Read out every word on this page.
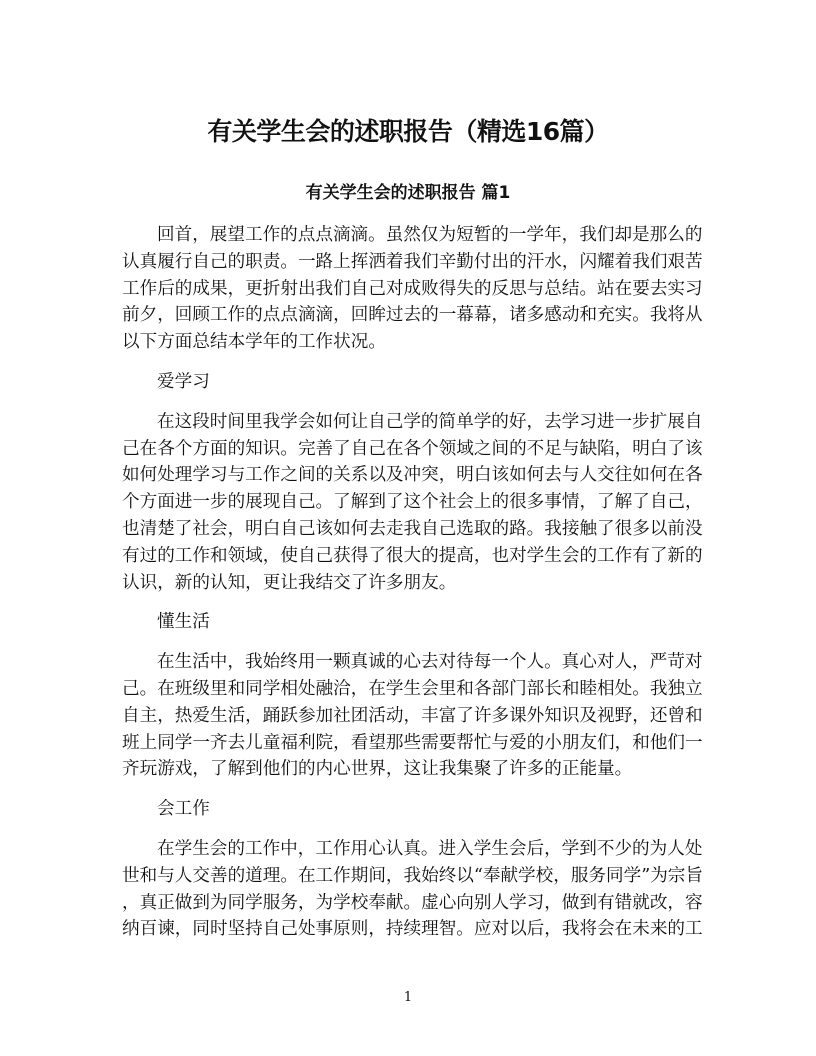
有关学生会的述职报告（精选16篇）
有关学生会的述职报告 篇1
回首，展望工作的点点滴滴。虽然仅为短暂的一学年，我们却是那么的
认真履行自己的职责。一路上挥洒着我们辛勤付出的汗水，闪耀着我们艰苦
工作后的成果，更折射出我们自己对成败得失的反思与总结。站在要去实习
前夕，回顾工作的点点滴滴，回眸过去的一幕幕，诸多感动和充实。我将从
以下方面总结本学年的工作状况。
爱学习
在这段时间里我学会如何让自己学的简单学的好，去学习进一步扩展自
己在各个方面的知识。完善了自己在各个领域之间的不足与缺陷，明白了该
如何处理学习与工作之间的关系以及冲突，明白该如何去与人交往如何在各
个方面进一步的展现自己。了解到了这个社会上的很多事情，了解了自己，
也清楚了社会，明白自己该如何去走我自己选取的路。我接触了很多以前没
有过的工作和领域，使自己获得了很大的提高，也对学生会的工作有了新的
认识，新的认知，更让我结交了许多朋友。
懂生活
在生活中，我始终用一颗真诚的心去对待每一个人。真心对人，严苛对
己。在班级里和同学相处融洽，在学生会里和各部门部长和睦相处。我独立
自主，热爱生活，踊跃参加社团活动，丰富了许多课外知识及视野，还曾和
班上同学一齐去儿童福利院，看望那些需要帮忙与爱的小朋友们，和他们一
齐玩游戏，了解到他们的内心世界，这让我集聚了许多的正能量。
会工作
在学生会的工作中，工作用心认真。进入学生会后，学到不少的为人处
世和与人交善的道理。在工作期间，我始终以“奉献学校，服务同学”为宗旨
，真正做到为同学服务，为学校奉献。虚心向别人学习，做到有错就改，容
纳百谏，同时坚持自己处事原则，持续理智。应对以后，我将会在未来的工
1
